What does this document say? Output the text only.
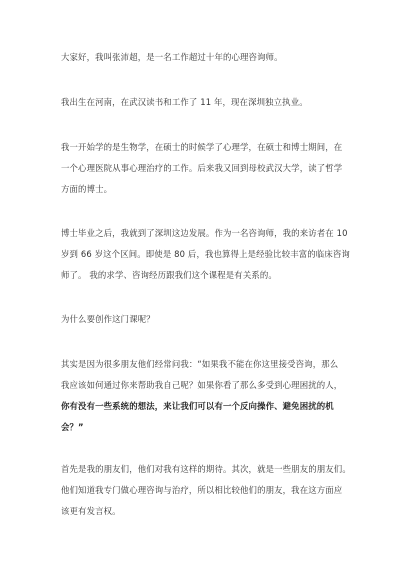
大家好，我叫张沛超，是一名工作超过十年的心理咨询师。

我出生在河南，在武汉读书和工作了 11 年，现在深圳独立执业。

我一开始学的是生物学，在硕士的时候学了心理学，在硕士和博士期间，在
一个心理医院从事心理治疗的工作。后来我又回到母校武汉大学，读了哲学
方面的博士。

博士毕业之后，我就到了深圳这边发展。作为一名咨询师，我的来访者在 10
岁到 66 岁这个区间。即使是 80 后，我也算得上是经验比较丰富的临床咨询
师了。 我的求学、咨询经历跟我们这个课程是有关系的。

为什么要创作这门课呢？

其实是因为很多朋友他们经常问我：“如果我不能在你这里接受咨询，那么
我应该如何通过你来帮助我自己呢？如果你看了那么多受到心理困扰的人，
你有没有一些系统的想法，来让我们可以有一个反向操作、避免困扰的机
会？”

首先是我的朋友们，他们对我有这样的期待。其次，就是一些朋友的朋友们。
他们知道我专门做心理咨询与治疗，所以相比较他们的朋友，我在这方面应
该更有发言权。
